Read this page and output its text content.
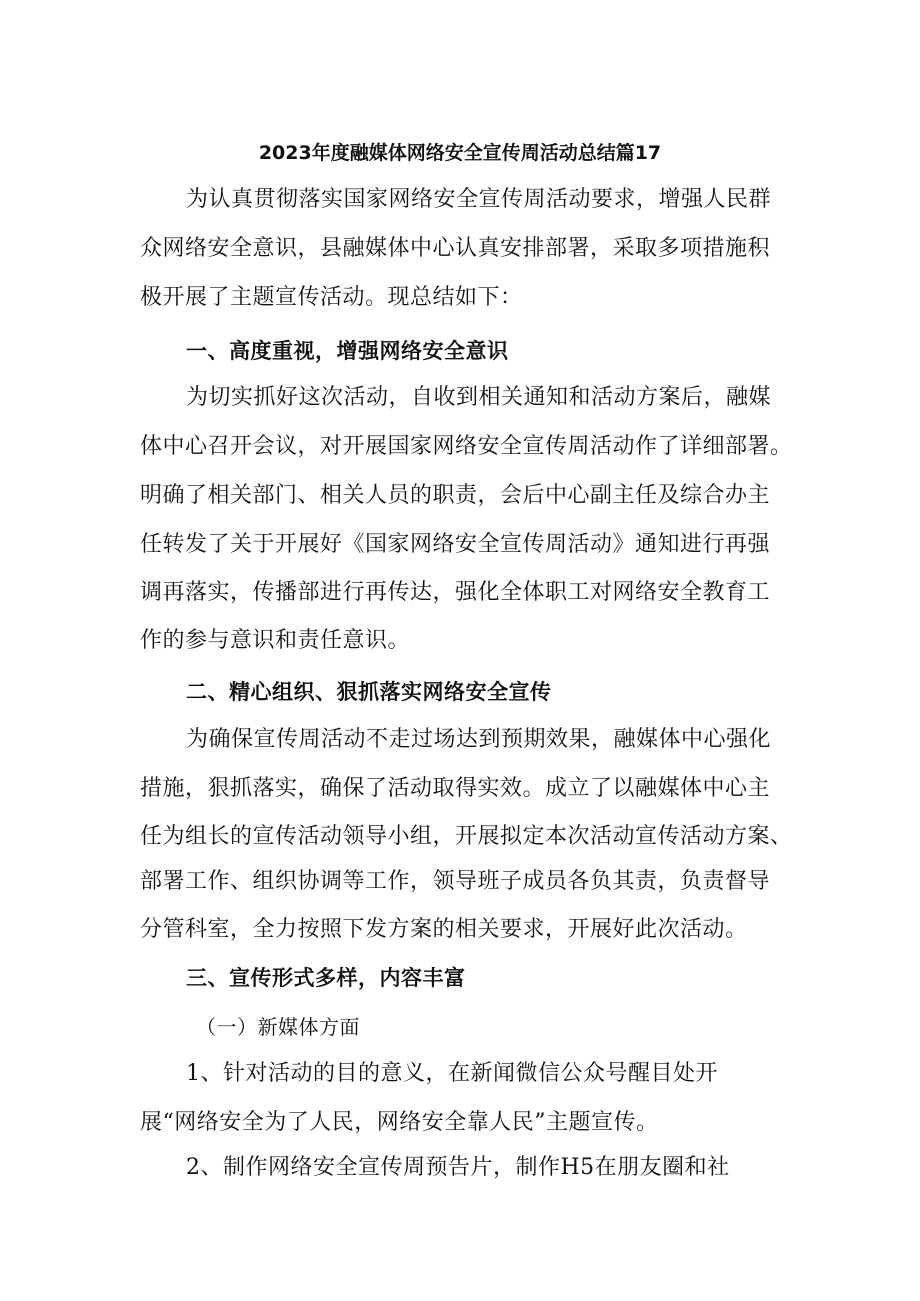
2023年度融媒体网络安全宣传周活动总结篇17
为认真贯彻落实国家网络安全宣传周活动要求，增强人民群
众网络安全意识，县融媒体中心认真安排部署，采取多项措施积
极开展了主题宣传活动。现总结如下：
一、高度重视，增强网络安全意识
为切实抓好这次活动，自收到相关通知和活动方案后，融媒
体中心召开会议，对开展国家网络安全宣传周活动作了详细部署。
明确了相关部门、相关人员的职责，会后中心副主任及综合办主
任转发了关于开展好《国家网络安全宣传周活动》通知进行再强
调再落实，传播部进行再传达，强化全体职工对网络安全教育工
作的参与意识和责任意识。
二、精心组织、狠抓落实网络安全宣传
为确保宣传周活动不走过场达到预期效果，融媒体中心强化
措施，狠抓落实，确保了活动取得实效。成立了以融媒体中心主
任为组长的宣传活动领导小组，开展拟定本次活动宣传活动方案、
部署工作、组织协调等工作，领导班子成员各负其责，负责督导
分管科室，全力按照下发方案的相关要求，开展好此次活动。
三、宣传形式多样，内容丰富
（一）新媒体方面
1、针对活动的目的意义，在新闻微信公众号醒目处开
展“网络安全为了人民，网络安全靠人民”主题宣传。
2、制作网络安全宣传周预告片，制作H5在朋友圈和社
